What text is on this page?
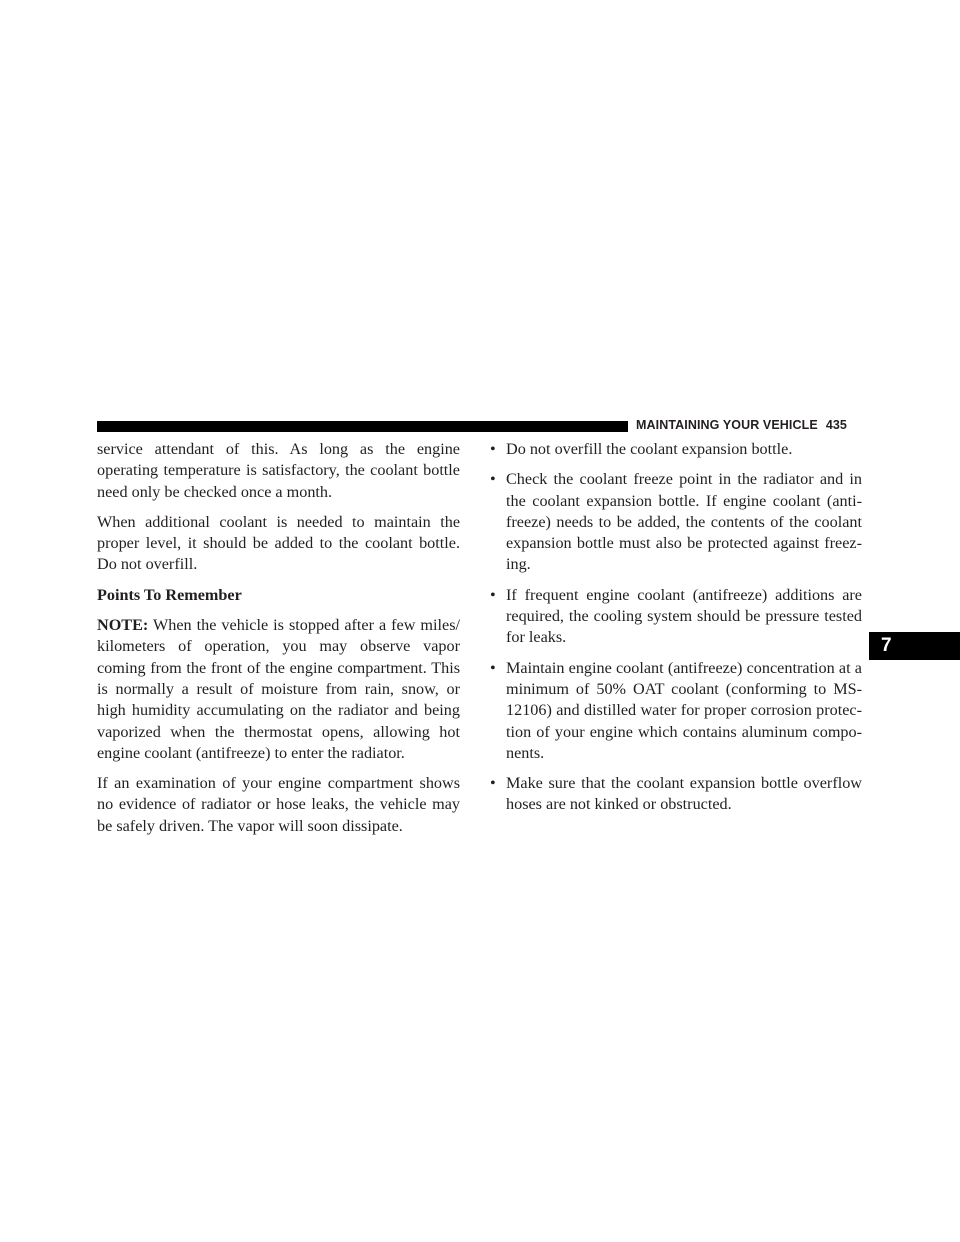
MAINTAINING YOUR VEHICLE 435
7

service attendant of this. As long as the engine operating temperature is satisfactory, the coolant bottle need only be checked once a month.

When additional coolant is needed to maintain the proper level, it should be added to the coolant bottle. Do not overfill.

Points To Remember

NOTE: When the vehicle is stopped after a few miles/ kilometers of operation, you may observe vapor coming from the front of the engine compartment. This is normally a result of moisture from rain, snow, or high humidity accumulating on the radiator and being vaporized when the thermostat opens, allowing hot engine coolant (antifreeze) to enter the radiator.

If an examination of your engine compartment shows no evidence of radiator or hose leaks, the vehicle may be safely driven. The vapor will soon dissipate.

• Do not overfill the coolant expansion bottle.
• Check the coolant freeze point in the radiator and in the coolant expansion bottle. If engine coolant (antifreeze) needs to be added, the contents of the coolant expansion bottle must also be protected against freezing.
• If frequent engine coolant (antifreeze) additions are required, the cooling system should be pressure tested for leaks.
• Maintain engine coolant (antifreeze) concentration at a minimum of 50% OAT coolant (conforming to MS-12106) and distilled water for proper corrosion protection of your engine which contains aluminum components.
• Make sure that the coolant expansion bottle overflow hoses are not kinked or obstructed.
